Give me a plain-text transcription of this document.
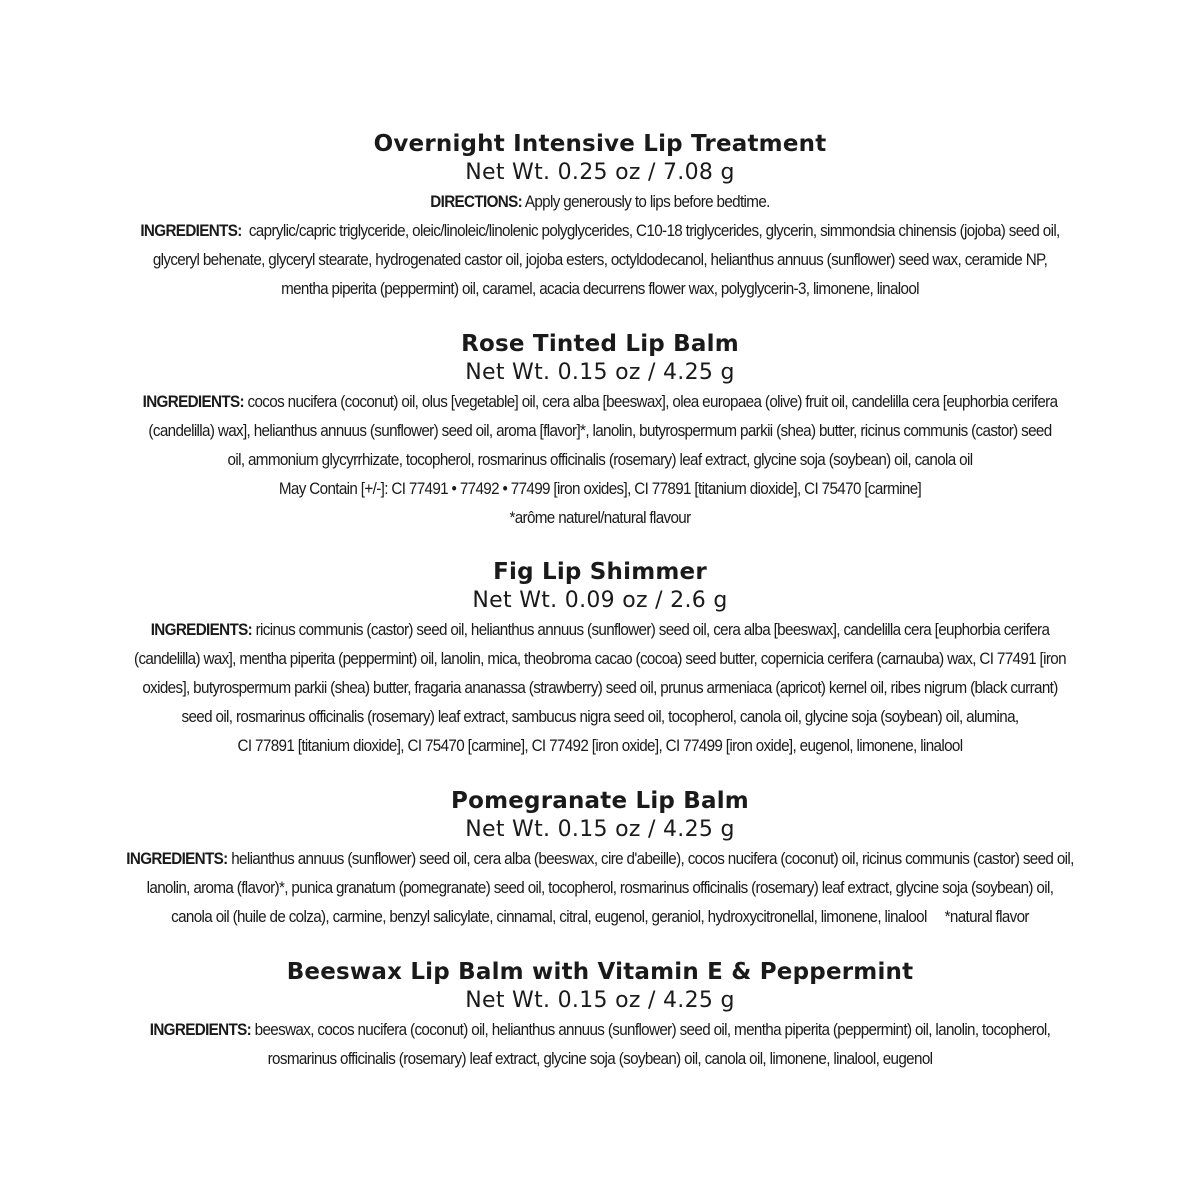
Overnight Intensive Lip Treatment

Net Wt. 0.25 oz / 7.08 g

DIRECTIONS: Apply generously to lips before bedtime.

INGREDIENTS: caprylic/capric triglyceride, oleic/linoleic/linolenic polyglycerides, C10-18 triglycerides, glycerin, simmondsia chinensis (jojoba) seed oil,

glyceryl behenate, glyceryl stearate, hydrogenated castor oil, jojoba esters, octyldodecanol, helianthus annuus (sunflower) seed wax, ceramide NP,

mentha piperita (peppermint) oil, caramel, acacia decurrens flower wax, polyglycerin-3, limonene, linalool

Rose Tinted Lip Balm

Net Wt. 0.15 oz / 4.25 g

INGREDIENTS: cocos nucifera (coconut) oil, olus [vegetable] oil, cera alba [beeswax], olea europaea (olive) fruit oil, candelilla cera [euphorbia cerifera

(candelilla) wax], helianthus annuus (sunflower) seed oil, aroma [flavor]*, lanolin, butyrospermum parkii (shea) butter, ricinus communis (castor) seed

oil, ammonium glycyrrhizate, tocopherol, rosmarinus officinalis (rosemary) leaf extract, glycine soja (soybean) oil, canola oil

May Contain [+/-]: CI 77491 • 77492 • 77499 [iron oxides], CI 77891 [titanium dioxide], CI 75470 [carmine]

*arôme naturel/natural flavour

Fig Lip Shimmer

Net Wt. 0.09 oz / 2.6 g

INGREDIENTS: ricinus communis (castor) seed oil, helianthus annuus (sunflower) seed oil, cera alba [beeswax], candelilla cera [euphorbia cerifera

(candelilla) wax], mentha piperita (peppermint) oil, lanolin, mica, theobroma cacao (cocoa) seed butter, copernicia cerifera (carnauba) wax, CI 77491 [iron

oxides], butyrospermum parkii (shea) butter, fragaria ananassa (strawberry) seed oil, prunus armeniaca (apricot) kernel oil, ribes nigrum (black currant)

seed oil, rosmarinus officinalis (rosemary) leaf extract, sambucus nigra seed oil, tocopherol, canola oil, glycine soja (soybean) oil, alumina,

CI 77891 [titanium dioxide], CI 75470 [carmine], CI 77492 [iron oxide], CI 77499 [iron oxide], eugenol, limonene, linalool

Pomegranate Lip Balm

Net Wt. 0.15 oz / 4.25 g

INGREDIENTS: helianthus annuus (sunflower) seed oil, cera alba (beeswax, cire d'abeille), cocos nucifera (coconut) oil, ricinus communis (castor) seed oil,

lanolin, aroma (flavor)*, punica granatum (pomegranate) seed oil, tocopherol, rosmarinus officinalis (rosemary) leaf extract, glycine soja (soybean) oil,

canola oil (huile de colza), carmine, benzyl salicylate, cinnamal, citral, eugenol, geraniol, hydroxycitronellal, limonene, linalool     *natural flavor

Beeswax Lip Balm with Vitamin E & Peppermint

Net Wt. 0.15 oz / 4.25 g

INGREDIENTS: beeswax, cocos nucifera (coconut) oil, helianthus annuus (sunflower) seed oil, mentha piperita (peppermint) oil, lanolin, tocopherol,

rosmarinus officinalis (rosemary) leaf extract, glycine soja (soybean) oil, canola oil, limonene, linalool, eugenol
